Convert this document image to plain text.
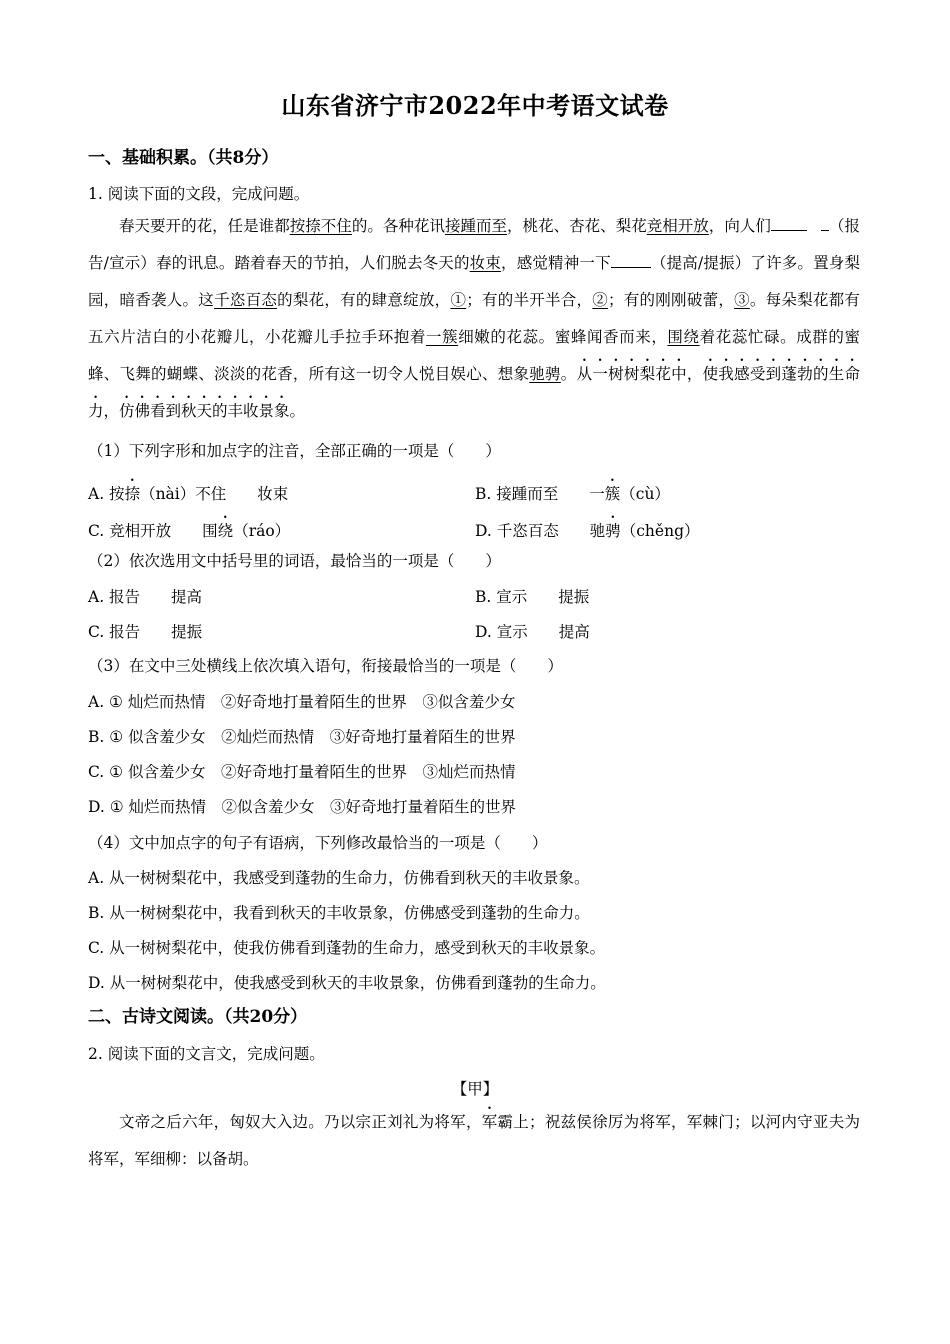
山东省济宁市2022年中考语文试卷
一、基础积累。（共8分）
1. 阅读下面的文段，完成问题。
春天要开的花，任是谁都按捺不住的。各种花讯接踵而至，桃花、杏花、梨花竞相开放，向人们	（报告/宣示）春的讯息。踏着春天的节拍，人们脱去冬天的妆束，感觉精神一下	（提高/提振）了许多。置身梨园，暗香袭人。这千恣百态的梨花，有的肆意绽放，①；有的半开半合，②；有的刚刚破蕾，③。每朵梨花都有五六片洁白的小花瓣儿，小花瓣儿手拉手环抱着一簇细嫩的花蕊。蜜蜂闻香而来，围绕着花蕊忙碌。成群的蜜蜂、飞舞的蝴蝶、淡淡的花香，所有这一切令人悦目娱心、想象驰骋。从一树树梨花中，使我感受到蓬勃的生命力，仿佛看到秋天的丰收景象。
（1）下列字形和加点字的注音，全部正确的一项是（　　）
A. 按捺（nài）不住　　妆束	B. 接踵而至　　一簇（cù）
C. 竞相开放　　围绕（ráo）	D. 千恣百态　　驰骋（chěng）
（2）依次选用文中括号里的词语，最恰当的一项是（　　）
A. 报告　　提高	B. 宣示　　提振
C. 报告　　提振	D. 宣示　　提高
（3）在文中三处横线上依次填入语句，衔接最恰当的一项是（　　）
A. ① 灿烂而热情　②好奇地打量着陌生的世界　③似含羞少女
B. ① 似含羞少女　②灿烂而热情　③好奇地打量着陌生的世界
C. ① 似含羞少女　②好奇地打量着陌生的世界　③灿烂而热情
D. ① 灿烂而热情　②似含羞少女　③好奇地打量着陌生的世界
（4）文中加点字的句子有语病，下列修改最恰当的一项是（　　）
A. 从一树树梨花中，我感受到蓬勃的生命力，仿佛看到秋天的丰收景象。
B. 从一树树梨花中，我看到秋天的丰收景象，仿佛感受到蓬勃的生命力。
C. 从一树树梨花中，使我仿佛看到蓬勃的生命力，感受到秋天的丰收景象。
D. 从一树树梨花中，使我感受到秋天的丰收景象，仿佛看到蓬勃的生命力。
二、古诗文阅读。（共20分）
2. 阅读下面的文言文，完成问题。
【甲】
文帝之后六年，匈奴大入边。乃以宗正刘礼为将军，军霸上；祝兹侯徐厉为将军，军棘门；以河内守亚夫为将军，军细柳：以备胡。
